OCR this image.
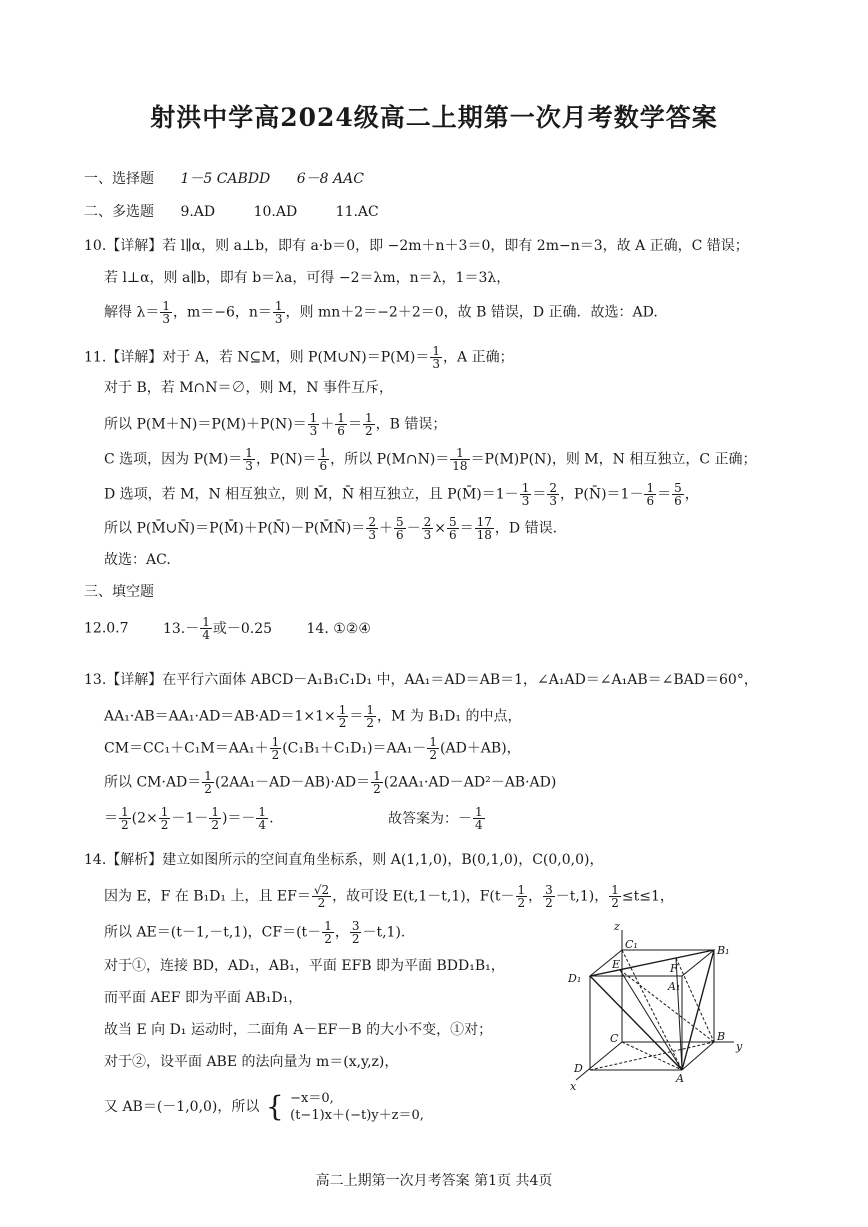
射洪中学高2024级高二上期第一次月考数学答案
一、选择题 1－5 CABDD 6－8 AAC
二、多选题 9.AD	10.AD	11.AC
10.【详解】若 l∥α，则 a⊥b，即有 a·b＝0，即 −2m＋n＋3＝0，即有 2m−n＝3，故 A 正确，C 错误；
若 l⊥α，则 a∥b，即有 b＝λa，可得 −2＝λm，n＝λ，1＝3λ，
解得 $\lambda= \frac{1}{3}$ ，m＝−6，$n= \frac{1}{3}$ ，则 mn＋2＝−2＋2＝0，故 B 错误，D 正确．故选：AD.
11.【详解】对于 A，若 N⊆M，则 P(M∪N)＝P(M)＝ $\frac{1}{3}$ ，A 正确；
对于 B，若 M∩N＝∅，则 M，N 事件互斥，
所以 $P(M+N)=P(M)+P(N)= \frac{1}{3} + \frac{1}{6} = \frac{1}{2}$ ，B 错误；
C 选项，因为 $P(M)= \frac{1}{3}$ ，$P(N)= \frac{1}{6}$ ，所以 P(M∩N)＝ $\frac{1}{18} =P(M)P(N)$，则 M，N 相互独立，C 正确；
D 选项，若 M，N 相互独立，则 M̄，N̄ 相互独立，且 P(M̄)＝1－ $\frac{1}{3} = \frac{2}{3}$ ，P(N̄)＝1－ $\frac{1}{6} = \frac{5}{6}$ ，
所以 P(M̄∪N̄)＝P(M̄)＋P(N̄)－P(M̄N̄)＝ $\frac{2}{3} + \frac{5}{6} - \frac{2}{3} \times \frac{5}{6} = \frac{17}{18}$ ，D 错误.
故选：AC.
三、填空题
12.0.7 $13.- \frac{1}{4}$ 或－0.25 14. ①②④
13.【详解】在平行六面体 ABCD－A₁B₁C₁D₁ 中，AA₁＝AD＝AB＝1，∠A₁AD＝∠A₁AB＝∠BAD＝60°，
$AA_1\cdot AB=AA_1\cdot AD=AB\cdot AD=1\times 1\times \frac{1}{2} = \frac{1}{2}$ ，M 为 B₁D₁ 的中点，
$CM=CC_1+C_1M=AA_1+ \frac{1}{2} (C_1B_1+C_1D_1)=AA_1- \frac{1}{2} (AD+AB)$，
所以 $CM\cdot AD= \frac{1}{2} (2AA_1-AD-AB)\cdot AD= \frac{1}{2} (2AA_1\cdot AD-AD^2-AB\cdot AD)$
＝ $\frac{1}{2} (2\times \frac{1}{2} -1- \frac{1}{2}$ )＝－ $\frac{1}{4}$ .	故答案为：－ $\frac{1}{4}$
14.【解析】建立如图所示的空间直角坐标系，则 A(1,1,0)，B(0,1,0)，C(0,0,0)，
因为 E，F 在 B₁D₁ 上，且 $EF= \frac{√2}{2}$ ，故可设 E(t,1－t,1)，$F(t- \frac{1}{2}$ ， $\frac{3}{2} -t,1$)， $\frac{1}{2} \le t\le 1$，
所以 AE＝(t－1,－t,1)，$CF=(t- \frac{1}{2}$ ， $\frac{3}{2} -t,1$).
对于①，连接 BD，AD₁，AB₁，平面 EFB 即为平面 BDD₁B₁，
而平面 AEF 即为平面 AB₁D₁，
故当 E 向 D₁ 运动时，二面角 A－EF－B 的大小不变，①对；
对于②，设平面 ABE 的法向量为 m＝(x,y,z)，
又 AB＝(－1,0,0)，所以 { −x＝0,
(t−1)x＋(−t)y＋z＝0,
z
y
x
C₁	B₁
D₁
A₁
E	F
C	B
D
A
高二上期第一次月考答案 第1页 共4页
